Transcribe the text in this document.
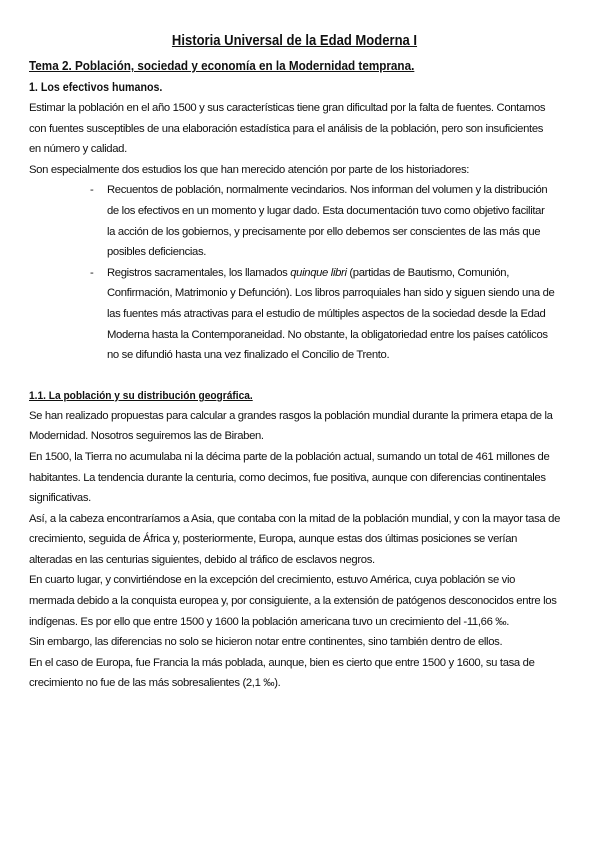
Historia Universal de la Edad Moderna I
Tema 2. Población, sociedad y economía en la Modernidad temprana.
1. Los efectivos humanos.
Estimar la población en el año 1500 y sus características tiene gran dificultad por la falta de fuentes. Contamos
con fuentes susceptibles de una elaboración estadística para el análisis de la población, pero son insuficientes
en número y calidad.
Son especialmente dos estudios los que han merecido atención por parte de los historiadores:
- Recuentos de población, normalmente vecindarios. Nos informan del volumen y la distribución
de los efectivos en un momento y lugar dado. Esta documentación tuvo como objetivo facilitar
la acción de los gobiernos, y precisamente por ello debemos ser conscientes de las más que
posibles deficiencias.
- Registros sacramentales, los llamados quinque libri (partidas de Bautismo, Comunión,
Confirmación, Matrimonio y Defunción). Los libros parroquiales han sido y siguen siendo una de
las fuentes más atractivas para el estudio de múltiples aspectos de la sociedad desde la Edad
Moderna hasta la Contemporaneidad. No obstante, la obligatoriedad entre los países católicos
no se difundió hasta una vez finalizado el Concilio de Trento.
1.1. La población y su distribución geográfica.
Se han realizado propuestas para calcular a grandes rasgos la población mundial durante la primera etapa de la
Modernidad. Nosotros seguiremos las de Biraben.
En 1500, la Tierra no acumulaba ni la décima parte de la población actual, sumando un total de 461 millones de
habitantes. La tendencia durante la centuria, como decimos, fue positiva, aunque con diferencias continentales
significativas.
Así, a la cabeza encontraríamos a Asia, que contaba con la mitad de la población mundial, y con la mayor tasa de
crecimiento, seguida de África y, posteriormente, Europa, aunque estas dos últimas posiciones se verían
alteradas en las centurias siguientes, debido al tráfico de esclavos negros.
En cuarto lugar, y convirtiéndose en la excepción del crecimiento, estuvo América, cuya población se vio
mermada debido a la conquista europea y, por consiguiente, a la extensión de patógenos desconocidos entre los
indígenas. Es por ello que entre 1500 y 1600 la población americana tuvo un crecimiento del -11,66 ‰.
Sin embargo, las diferencias no solo se hicieron notar entre continentes, sino también dentro de ellos.
En el caso de Europa, fue Francia la más poblada, aunque, bien es cierto que entre 1500 y 1600, su tasa de
crecimiento no fue de las más sobresalientes (2,1 ‰).
